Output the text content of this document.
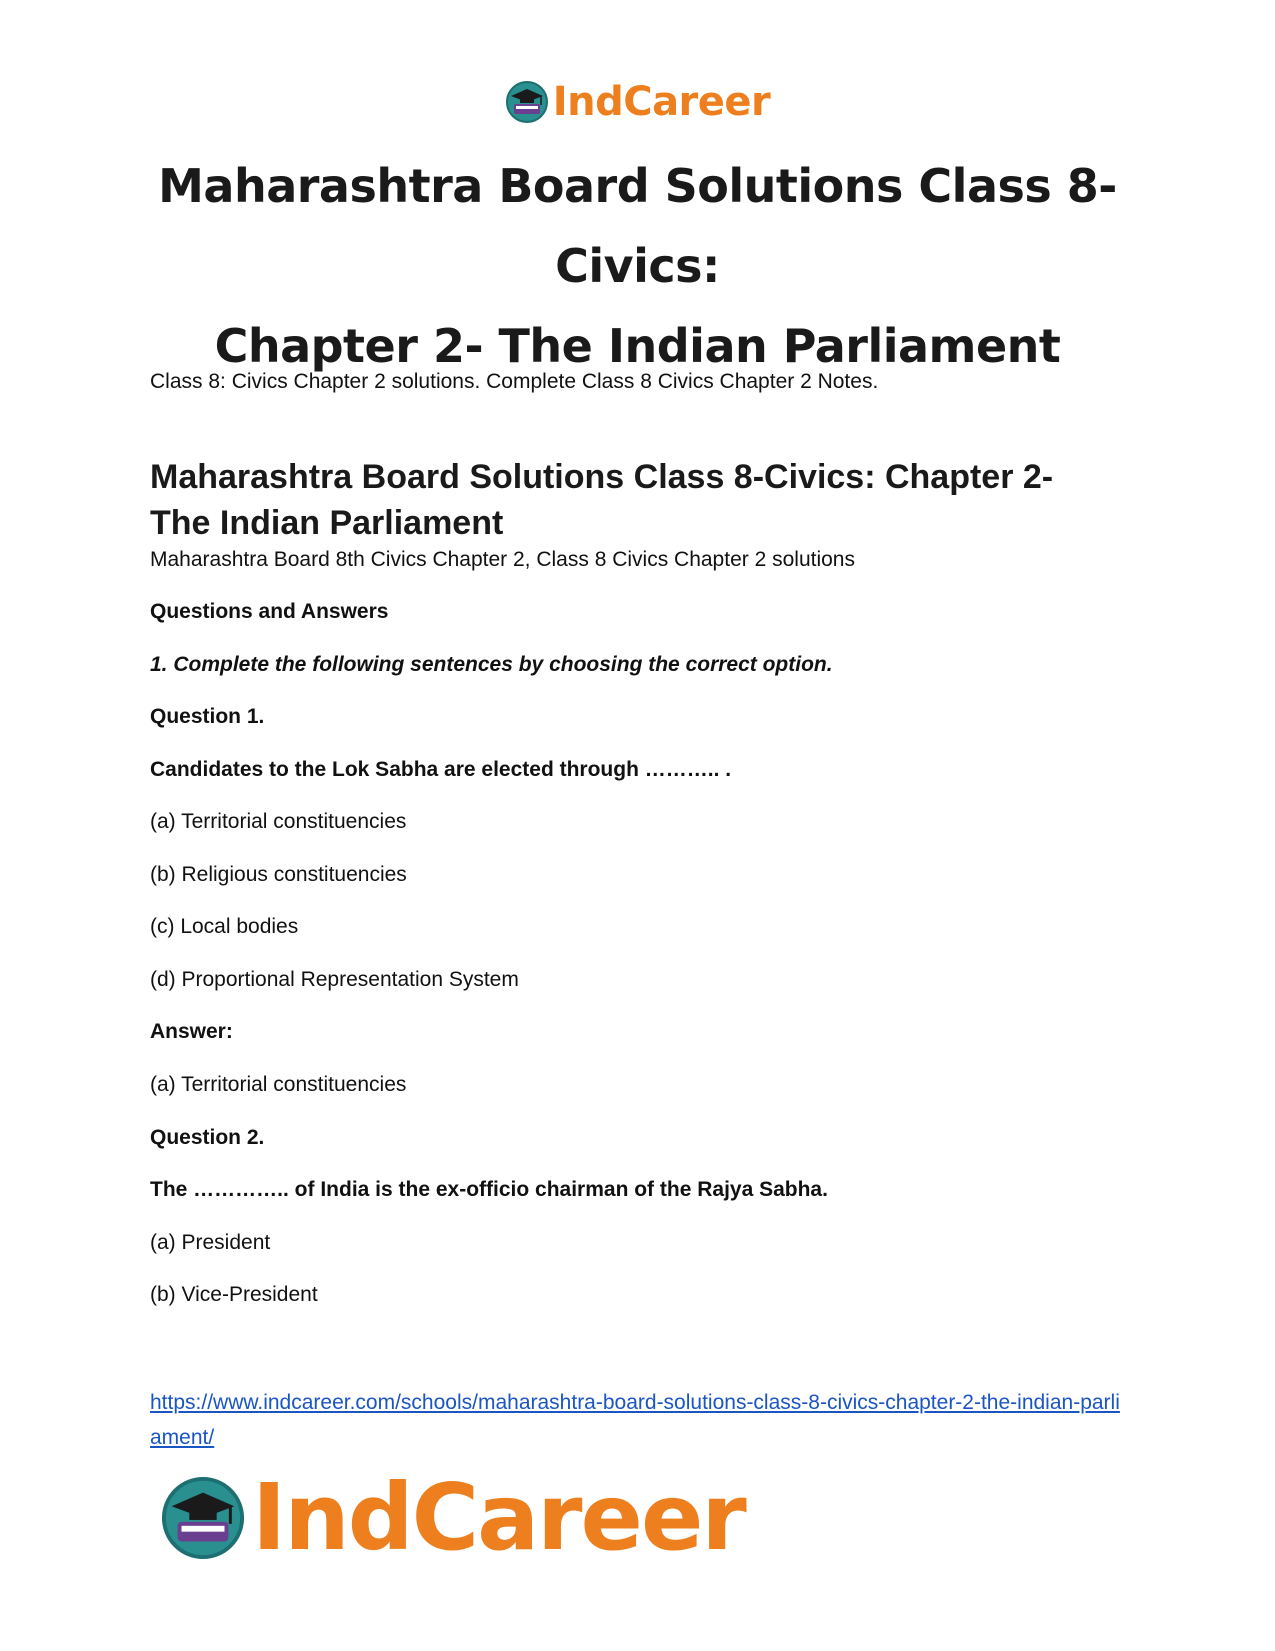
IndCareer
Maharashtra Board Solutions Class 8-Civics:
Chapter 2- The Indian Parliament

Class 8: Civics Chapter 2 solutions. Complete Class 8 Civics Chapter 2 Notes.

Maharashtra Board Solutions Class 8-Civics: Chapter 2- The Indian Parliament

Maharashtra Board 8th Civics Chapter 2, Class 8 Civics Chapter 2 solutions

Questions and Answers

1. Complete the following sentences by choosing the correct option.

Question 1.

Candidates to the Lok Sabha are elected through ……….. .

(a) Territorial constituencies

(b) Religious constituencies

(c) Local bodies

(d) Proportional Representation System

Answer:

(a) Territorial constituencies

Question 2.

The ………….. of India is the ex-officio chairman of the Rajya Sabha.

(a) President

(b) Vice-President

https://www.indcareer.com/schools/maharashtra-board-solutions-class-8-civics-chapter-2-the-indian-parliament/
IndCareer
